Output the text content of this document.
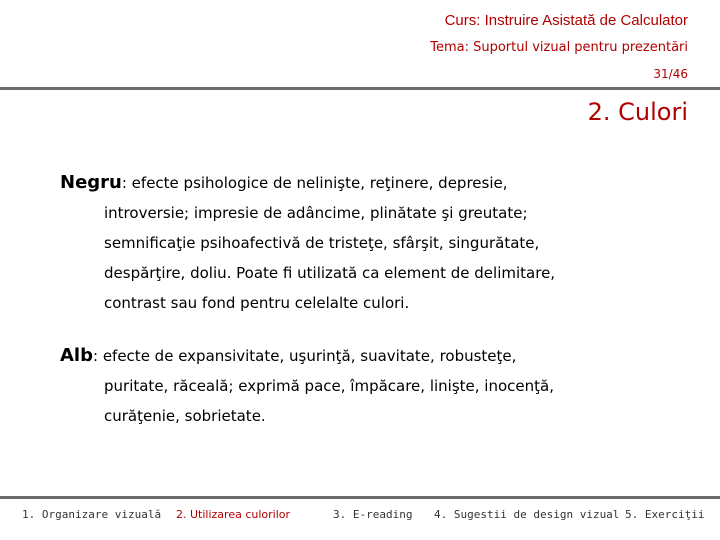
Curs: Instruire Asistată de Calculator
Tema: Suportul vizual pentru prezentări
31/46
2. Culori
Negru: efecte psihologice de nelinişte, reţinere, depresie,
introversie; impresie de adâncime, plinătate şi greutate;
semnificaţie psihoafectivă de tristeţe, sfârşit, singurătate,
despărţire, doliu. Poate fi utilizată ca element de delimitare,
contrast sau fond pentru celelalte culori.
Alb: efecte de expansivitate, uşurinţă, suavitate, robusteţe,
puritate, răceală; exprimă pace, împăcare, linişte, inocenţă,
curăţenie, sobrietate.
1. Organizare vizuală 2. Utilizarea culorilor	3. E-reading 4. Sugestii de design vizual 5. Exerciţii
